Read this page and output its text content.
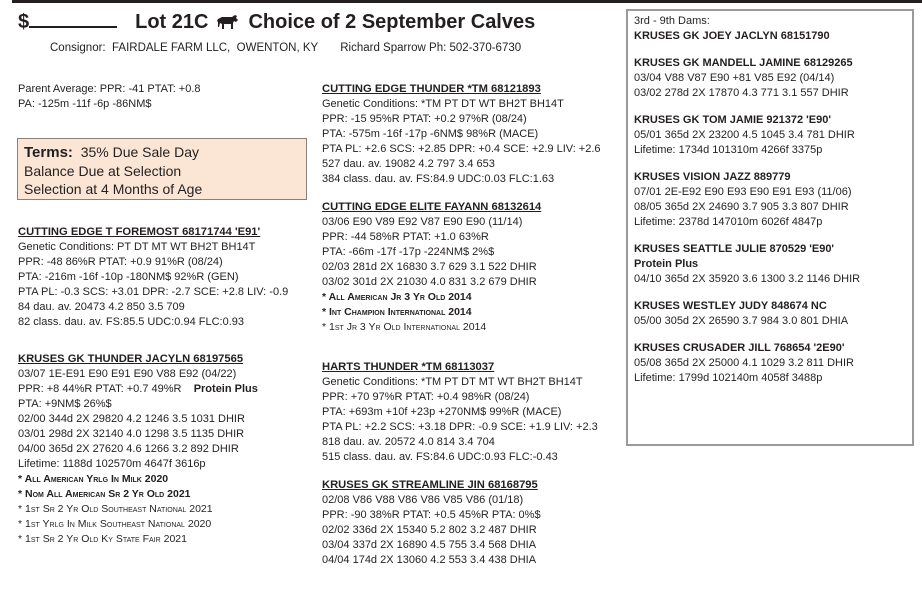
$	Lot 21C Choice of 2 September Calves
Consignor: FAIRDALE FARM LLC, OWENTON, KY Richard Sparrow Ph: 502-370-6730
Parent Average: PPR: -41 PTAT: +0.8
PA: -125m -11f -6p -86NM$
Terms: 35% Due Sale Day
Balance Due at Selection
Selection at 4 Months of Age
CUTTING EDGE T FOREMOST 68171744 'E91'
Genetic Conditions: PT DT MT WT BH2T BH14T
PPR: -48 86%R PTAT: +0.9 91%R (08/24)
PTA: -216m -16f -10p -180NM$ 92%R (GEN)
PTA PL: -0.3 SCS: +3.01 DPR: -2.7 SCE: +2.8 LIV: -0.9
84 dau. av. 20473 4.2 850 3.5 709
82 class. dau. av. FS:85.5 UDC:0.94 FLC:0.93
KRUSES GK THUNDER JACYLN 68197565
03/07 1E-E91 E90 E91 E90 V88 E92 (04/22)
PPR: +8 44%R PTAT: +0.7 49%R Protein Plus
PTA: +9NM$ 26%$
02/00 344d 2X 29820 4.2 1246 3.5 1031 DHIR
03/01 298d 2X 32140 4.0 1298 3.5 1135 DHIR
04/00 365d 2X 27620 4.6 1266 3.2 892 DHIR
Lifetime: 1188d 102570m 4647f 3616p
* All American Yrlg In Milk 2020
* Nom All American Sr 2 Yr Old 2021
* 1st Sr 2 Yr Old Southeast National 2021
* 1st Yrlg In Milk Southeast National 2020
* 1st Sr 2 Yr Old Ky State Fair 2021
CUTTING EDGE THUNDER *TM 68121893
Genetic Conditions: *TM PT DT WT BH2T BH14T
PPR: -15 95%R PTAT: +0.2 97%R (08/24)
PTA: -575m -16f -17p -6NM$ 98%R (MACE)
PTA PL: +2.6 SCS: +2.85 DPR: +0.4 SCE: +2.9 LIV: +2.6
527 dau. av. 19082 4.2 797 3.4 653
384 class. dau. av. FS:84.9 UDC:0.03 FLC:1.63
CUTTING EDGE ELITE FAYANN 68132614
03/06 E90 V89 E92 V87 E90 E90 (11/14)
PPR: -44 58%R PTAT: +1.0 63%R
PTA: -66m -17f -17p -224NM$ 2%$
02/03 281d 2X 16830 3.7 629 3.1 522 DHIR
03/02 301d 2X 21030 4.0 831 3.2 679 DHIR
* All American Jr 3 Yr Old 2014
* Int Champion International 2014
* 1st Jr 3 Yr Old International 2014
HARTS THUNDER *TM 68113037
Genetic Conditions: *TM PT DT MT WT BH2T BH14T
PPR: +70 97%R PTAT: +0.4 98%R (08/24)
PTA: +693m +10f +23p +270NM$ 99%R (MACE)
PTA PL: +2.2 SCS: +3.18 DPR: -0.9 SCE: +1.9 LIV: +2.3
818 dau. av. 20572 4.0 814 3.4 704
515 class. dau. av. FS:84.6 UDC:0.93 FLC:-0.43
KRUSES GK STREAMLINE JIN 68168795
02/08 V86 V88 V86 V86 V85 V86 (01/18)
PPR: -90 38%R PTAT: +0.5 45%R PTA: 0%$
02/02 336d 2X 15340 5.2 802 3.2 487 DHIR
03/04 337d 2X 16890 4.5 755 3.4 568 DHIA
04/04 174d 2X 13060 4.2 553 3.4 438 DHIA
3rd - 9th Dams:
KRUSES GK JOEY JACLYN 68151790
KRUSES GK MANDELL JAMINE 68129265
03/04 V88 V87 E90 +81 V85 E92 (04/14)
03/02 278d 2X 17870 4.3 771 3.1 557 DHIR
KRUSES GK TOM JAMIE 921372 'E90'
05/01 365d 2X 23200 4.5 1045 3.4 781 DHIR
Lifetime: 1734d 101310m 4266f 3375p
KRUSES VISION JAZZ 889779
07/01 2E-E92 E90 E93 E90 E91 E93 (11/06)
08/05 365d 2X 24690 3.7 905 3.3 807 DHIR
Lifetime: 2378d 147010m 6026f 4847p
KRUSES SEATTLE JULIE 870529 'E90'
Protein Plus
04/10 365d 2X 35920 3.6 1300 3.2 1146 DHIR
KRUSES WESTLEY JUDY 848674 NC
05/00 305d 2X 26590 3.7 984 3.0 801 DHIA
KRUSES CRUSADER JILL 768654 '2E90'
05/08 365d 2X 25000 4.1 1029 3.2 811 DHIR
Lifetime: 1799d 102140m 4058f 3488p
